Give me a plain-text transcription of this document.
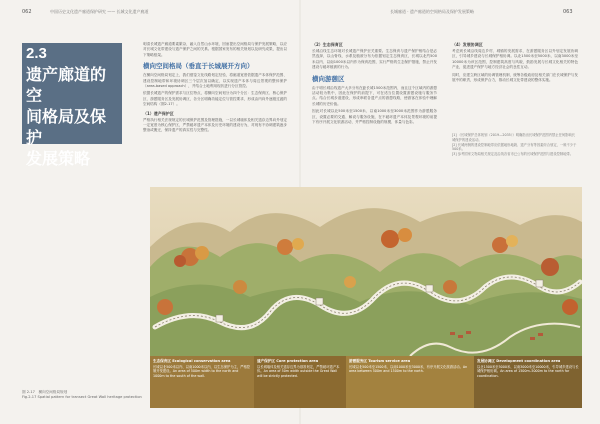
062	中国历史文化遗产廊道保护研究 —— 长城文化遗产廊道	长城廊道 · 遗产廊道的空间格局及保护发展策略	063
2.3
遗产廊道的空
间格局及保护
发展策略

明清长城遗产廊道要素繁杂，融入自然山水环境，因而提出空间格局与保护发展策略，以应对长城文化带建设与遗产保护之间的关系。根据国家发布的相关规划以及研究成果，提出以下策略框架。

横向空间格局（垂直于长城展开方向）

在横向空间格局划定上，我们借鉴文化线路划定经验，将廊道宽度依据遗产本体保护范围、建设控制地带和环境协调区三个层次加以确定，以实现遗产本体与周边景观的整体保护（area-based approach），并结合土地利用现状进行分区管控。

依据长城遗产的保护需求与区位特点，将横向空间划分为四个分区：生态保育区、核心保护区、游憩服务区及发展协调区，各分区明确功能定位与管控要求，形成由内向外逐级过渡的空间结构（图2-17）。

（1）遗产保护区

严格执行相关法规规定的长城保护范围及管理措施，一以长城墙体及相关遗存边界向外划定一定宽度为核心保护区，严禁破坏遗产本体及历史环境的建设行为，对现有不协调建筑逐步整治或搬迁，保持遗产的真实性与完整性。

（2）生态保育区

长城沿线生态环境对长城遗产保护至关重要。生态保育与遗产保护相结合是必然选择，以山脊线、水系及植被分布为依据划定生态保育区，长城以北约500米以内、以南1000米以内作为保育范围，实行严格的生态保护措施，禁止开发建设与破坏植被的行为。

横向游憩区

由于明长城沿线遗产大多分布在距长城1500米范围内，而且这个区域内的游憩活动较为集中，因此在保护的前提下，可在适当位置设置游憩设施与服务节点。结合长城步道建设，形成串联各遗产点的游憩线路，使游客在体验中理解长城的历史价值。

因此对长城以北500米至1500米、以南1000米至3000米范围作为游憩服务区，设置必要的交通、解说与服务设施，在不破坏遗产本体及景观环境的前提下有序开展文化旅游活动，并严格控制设施的规模、体量与色彩。

（4）发展协调区

考虑到长城沿线周边乡村、城镇的发展需求，在游憩服务区以外划定发展协调区，引导城乡建设与长城保护相协调。以北1500米至5000米、以南3000米至10000米为该区范围，控制建筑高度与风貌，鼓励发展与长城文化相关的特色产业，促进遗产保护与地方经济社会的良性互动。

同时，应建立跨区域的协调管理机制，统筹各级政府及相关部门在长城保护与发展中的职责，形成保护合力，推动长城文化带建设的整体实施。

[1] 《长城保护总体规划（2019—2035）》明确指出长城保护范围内禁止任何影响长城保护的建设活动。
[2] 长城两侧的建设控制地带应依据地形地貌、遗产分布等因素综合划定，一般不少于500米。
[3] 参考国家文物局相关规定及沿线各省市已公布的长城保护范围与建设控制地带。
生态保育区 Ecological conservation area
长城以北500米以内、以南1000米以内，以生态保护为主，严格控制开发建设。An area of 500m width to the north and 1000m to the south of the wall.
遗产保护区 Core protection area
以长城墙体及相关遗存边界为基准划定，严禁破坏遗产本体。An area of 50m width outside the Great Wall will be strictly protected.
游憩服务区 Tourism service area
长城以北500米至1500米、以南1000米至3000米，有序开展文化旅游活动。An area between 500m and 1500m to the north.
发展协调区 Development coordination area
以北1500米至5000米、以南3000米至10000米，引导城乡建设与长城保护相协调。An area of 1500m–5000m to the north for coordination.
图 2-17　横向空间格局规划
Fig.2-17 Spatial pattern for transect Great Wall heritage protection
